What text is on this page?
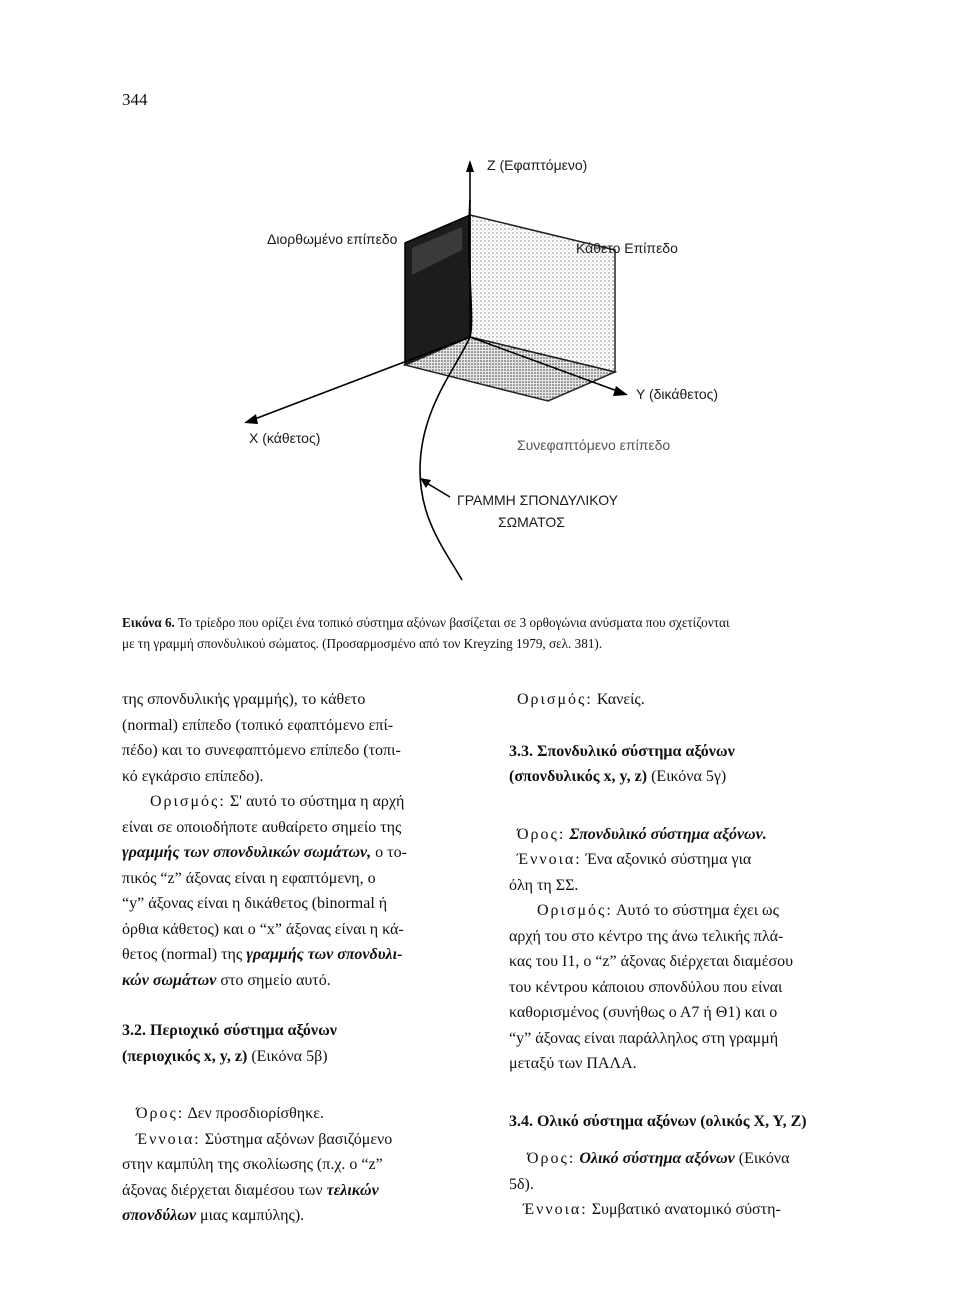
344
Z (Εφαπτόμενο)
Διορθωμένο επίπεδο
Κάθετο Επίπεδο
Y (δικάθετος)
X (κάθετος)	Συνεφαπτόμενο επίπεδο
ΓΡΑΜΜΗ ΣΠΟΝΔΥΛΙΚΟΥ
ΣΩΜΑΤΟΣ
Εικόνα 6. Το τρίεδρο που ορίζει ένα τοπικό σύστημα αξόνων βασίζεται σε 3 ορθογώνια ανύσματα που σχετίζονται
με τη γραμμή σπονδυλικού σώματος. (Προσαρμοσμένο από τον Kreyzing 1979, σελ. 381).

της σπονδυλικής γραμμής), το κάθετο

(normal) επίπεδο (τοπικό εφαπτόμενο επί-

πέδο) και το συνεφαπτόμενο επίπεδο (τοπι-

κό εγκάρσιο επίπεδο).

Ορισμός: Σ' αυτό το σύστημα η αρχή

είναι σε οποιοδήποτε αυθαίρετο σημείο της

γραμμής των σπονδυλικών σωμάτων, ο το-

πικός “z” άξονας είναι η εφαπτόμενη, ο

“y” άξονας είναι η δικάθετος (binormal ή

όρθια κάθετος) και ο “x” άξονας είναι η κά-

θετος (normal) της γραμμής των σπονδυλι-

κών σωμάτων στο σημείο αυτό.

3.2. Περιοχικό σύστημα αξόνων

(περιοχικός x, y, z) (Εικόνα 5β)

Όρος: Δεν προσδιορίσθηκε.

Έννοια: Σύστημα αξόνων βασιζόμενο

στην καμπύλη της σκολίωσης (π.χ. ο “z”

άξονας διέρχεται διαμέσου των τελικών

σπονδύλων μιας καμπύλης).

Ορισμός: Κανείς.

3.3. Σπονδυλικό σύστημα αξόνων

(σπονδυλικός x, y, z) (Εικόνα 5γ)

Όρος: Σπονδυλικό σύστημα αξόνων.

Έννοια: Ένα αξονικό σύστημα για

όλη τη ΣΣ.

Ορισμός: Αυτό το σύστημα έχει ως

αρχή του στο κέντρο της άνω τελικής πλά-

κας του Ι1, ο “z” άξονας διέρχεται διαμέσου

του κέντρου κάποιου σπονδύλου που είναι

καθορισμένος (συνήθως ο Α7 ή Θ1) και ο

“y” άξονας είναι παράλληλος στη γραμμή

μεταξύ των ΠΑΛΑ.

3.4. Ολικό σύστημα αξόνων (ολικός X, Y, Z)

Όρος: Ολικό σύστημα αξόνων (Εικόνα

5δ).

Έννοια: Συμβατικό ανατομικό σύστη-
